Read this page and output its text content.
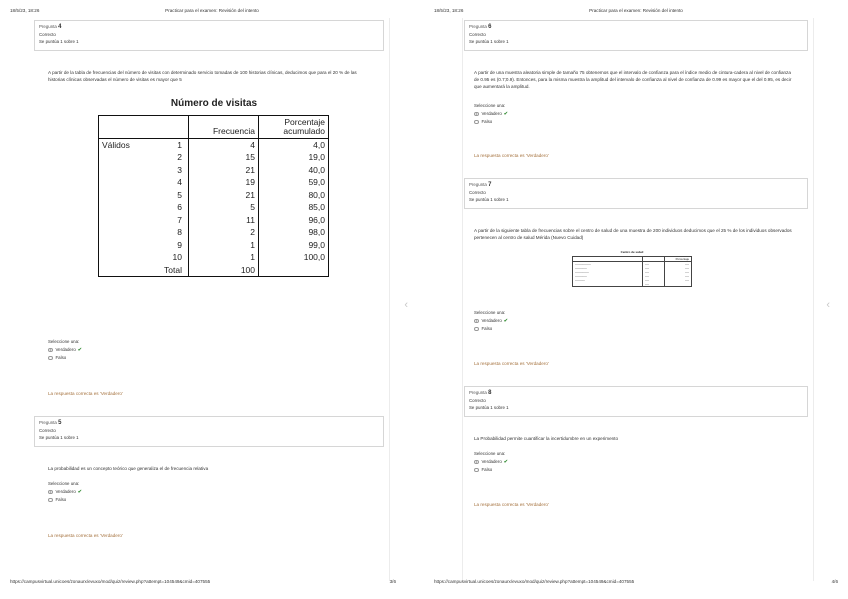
18/5/23, 18:26	Practicar para el examen: Revisión del intento
Pregunta 4
Correcto
Se puntúa 1 sobre 1
A partir de la tabla de frecuencias del número de visitas con determinado servicio tomadas de 100 historias clínicas, deducimos que para el 20 % de las historias clínicas observadas el número de visitas es mayor que 5
Número de visitas
		Frecuencia	Porcentaje acumulado
Válidos	1	4	4,0
	2	15	19,0
	3	21	40,0
	4	19	59,0
	5	21	80,0
	6	5	85,0
	7	11	96,0
	8	2	98,0
	9	1	99,0
	10	1	100,0
	Total	100	
Seleccione una:
Verdadero ✔
Falso
La respuesta correcta es 'Verdadero'
Pregunta 5
Correcto
Se puntúa 1 sobre 1
La probabilidad es un concepto teórico que generaliza el de frecuencia relativa
Seleccione una:
Verdadero ✔
Falso
La respuesta correcta es 'Verdadero'
‹
https://campusvirtual.unicoes/zonaurx/evuxo/mod/quiz/review.php?attempt=104549&cmid=407555	3/6
18/5/23, 18:26	Practicar para el examen: Revisión del intento
Pregunta 6
Correcto
Se puntúa 1 sobre 1
A partir de una muestra aleatoria simple de tamaño 75 obtenemos que el intervalo de confianza para el índice medio de cintura-cadera al nivel de confianza de 0.95 es (0.7;0.9). Entonces, para la misma muestra la amplitud del intervalo de confianza al nivel de confianza de 0.99 es mayor que el del 0.95, es decir que aumentará la amplitud.
Seleccione una:
Verdadero ✔
Falso
La respuesta correcta es 'Verdadero'
Pregunta 7
Correcto
Se puntúa 1 sobre 1
A partir de la siguiente tabla de frecuencias sobre el centro de salud de una muestra de 200 individuos deducimos que el 25 % de los individuos observados pertenecen al centro de salud Mérida (Nuevo Cuidad)
Centro de salud
		Porcentaje
────────	──	──
──────	──	──
───────	──	──
──────	──	──
─────	──	──
	──	
Seleccione una:
Verdadero ✔
Falso
La respuesta correcta es 'Verdadero'
Pregunta 8
Correcto
Se puntúa 1 sobre 1
La Probabilidad permite cuantificar la incertidumbre en un experimento
Seleccione una:
Verdadero ✔
Falso
La respuesta correcta es 'Verdadero'
‹
https://campusvirtual.unicoes/zonaurx/evuxo/mod/quiz/review.php?attempt=104549&cmid=407555	4/6
